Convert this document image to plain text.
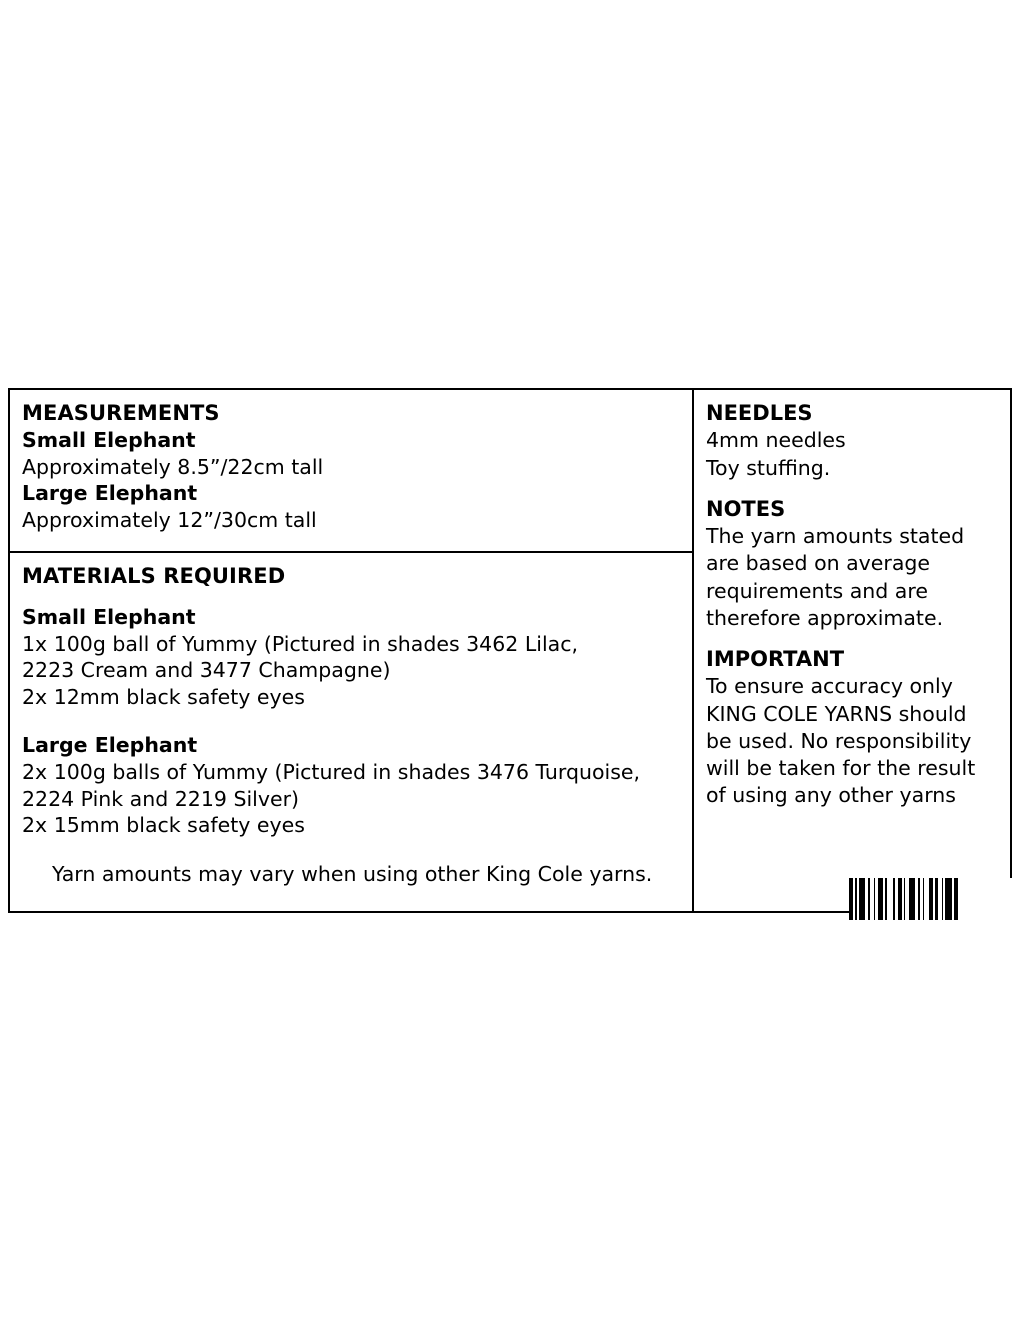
MEASUREMENTS
Small Elephant
Approximately 8.5”/22cm tall
Large Elephant
Approximately 12”/30cm tall
MATERIALS REQUIRED
Small Elephant
1x 100g ball of Yummy (Pictured in shades 3462 Lilac,
2223 Cream and 3477 Champagne)
2x 12mm black safety eyes
Large Elephant
2x 100g balls of Yummy (Pictured in shades 3476 Turquoise,
2224 Pink and 2219 Silver)
2x 15mm black safety eyes
Yarn amounts may vary when using other King Cole yarns.
NEEDLES
4mm needles
Toy stuffing.
NOTES
The yarn amounts stated are based on average requirements and are therefore approximate.
IMPORTANT
To ensure accuracy only KING COLE YARNS should be used. No responsibility will be taken for the result of using any other yarns
